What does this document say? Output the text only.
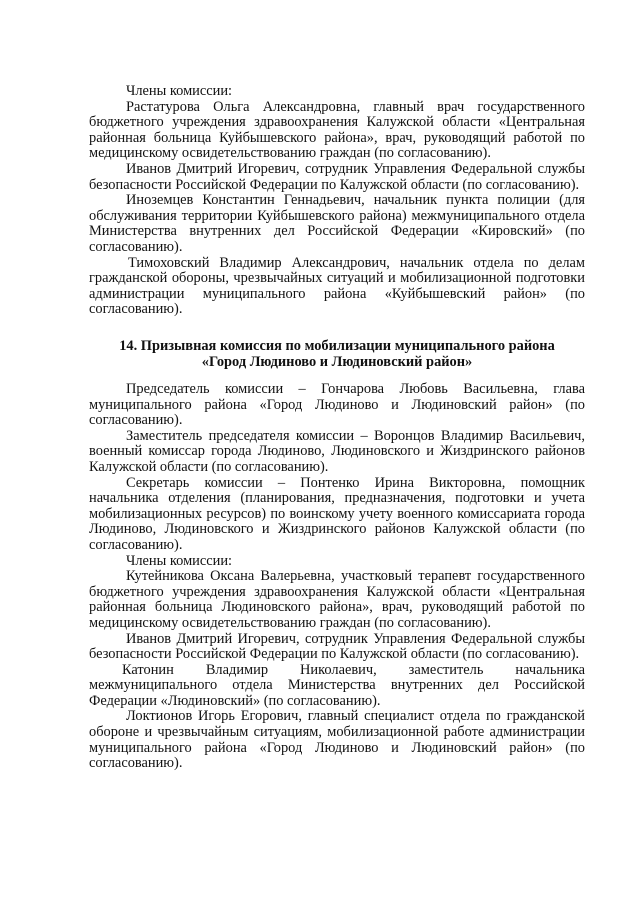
Члены комиссии:

Растатурова Ольга Александровна, главный врач государственного бюджетного учреждения здравоохранения Калужской области «Центральная районная больница Куйбышевского района», врач, руководящий работой по медицинскому освидетельствованию граждан (по согласованию).

Иванов Дмитрий Игоревич, сотрудник Управления Федеральной службы безопасности Российской Федерации по Калужской области (по согласованию).

Иноземцев Константин Геннадьевич, начальник пункта полиции (для обслуживания территории Куйбышевского района) межмуниципального отдела Министерства внутренних дел Российской Федерации «Кировский» (по согласованию).

Тимоховский Владимир Александрович, начальник отдела по делам гражданской обороны, чрезвычайных ситуаций и мобилизационной подготовки администрации муниципального района «Куйбышевский район» (по согласованию).

14. Призывная комиссия по мобилизации муниципального района
«Город Людиново и Людиновский район»

Председатель комиссии – Гончарова Любовь Васильевна, глава муниципального района «Город Людиново и Людиновский район» (по согласованию).

Заместитель председателя комиссии – Воронцов Владимир Васильевич, военный комиссар города Людиново, Людиновского и Жиздринского районов Калужской области (по согласованию).

Секретарь комиссии – Понтенко Ирина Викторовна, помощник начальника отделения (планирования, предназначения, подготовки и учета мобилизационных ресурсов) по воинскому учету военного комиссариата города Людиново, Людиновского и Жиздринского районов Калужской области (по согласованию).

Члены комиссии:

Кутейникова Оксана Валерьевна, участковый терапевт государственного бюджетного учреждения здравоохранения Калужской области «Центральная районная больница Людиновского района», врач, руководящий работой по медицинскому освидетельствованию граждан (по согласованию).

Иванов Дмитрий Игоревич, сотрудник Управления Федеральной службы безопасности Российской Федерации по Калужской области (по согласованию).

Катонин Владимир Николаевич, заместитель начальника межмуниципального отдела Министерства внутренних дел Российской Федерации «Людиновский» (по согласованию).

Локтионов Игорь Егорович, главный специалист отдела по гражданской обороне и чрезвычайным ситуациям, мобилизационной работе администрации муниципального района «Город Людиново и Людиновский район» (по согласованию).
